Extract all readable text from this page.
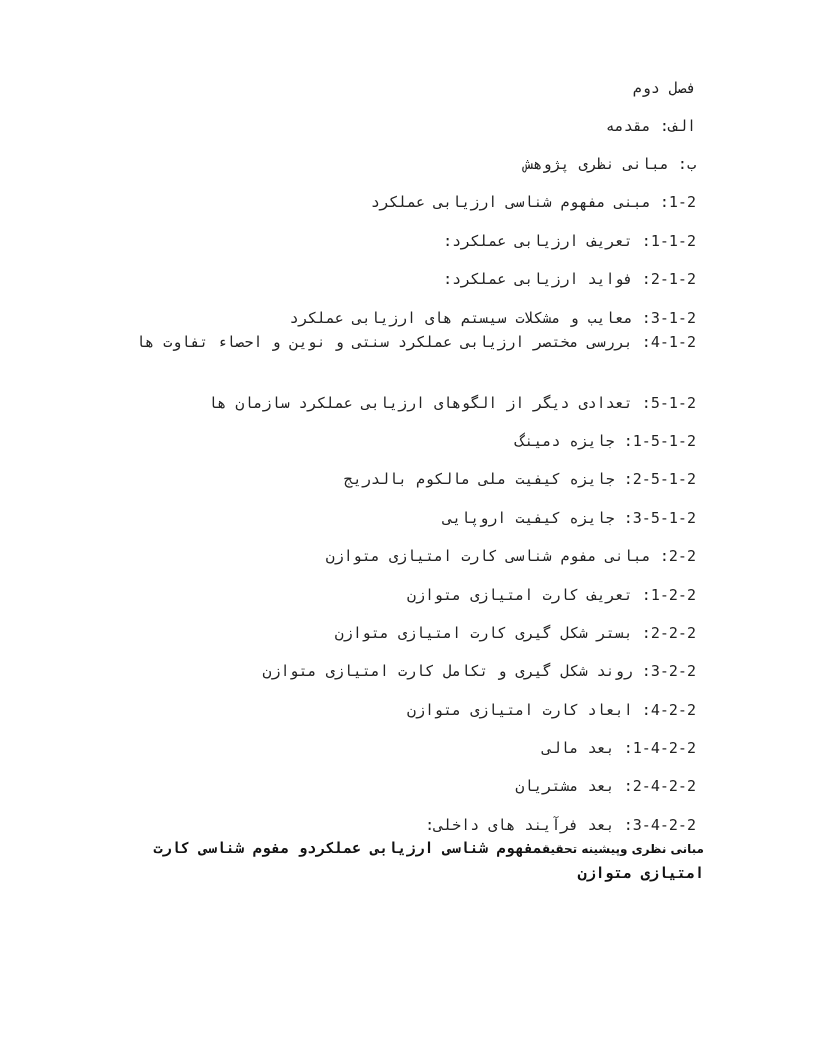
فصل دوم
الف: مقدمه
ب: مبانی نظری پژوهش
1-2: مبنی مفهوم شناسی ارزیابی عملکرد
1-1-2: تعریف ارزیابی عملکرد:
2-1-2: فواید ارزیابی عملکرد:
3-1-2: معایب و مشکلات سیستم های ارزیابی عملکرد
4-1-2: بررسی مختصر ارزیابی عملکرد سنتی و نوین و احصاء تفاوت ها
5-1-2: تعدادی دیگر از الگوهای ارزیابی عملکرد سازمان ها
1-5-1-2: جایزه دمینگ
2-5-1-2: جایزه کیفیت ملی مالکوم بالدریج
3-5-1-2: جایزه کیفیت اروپایی
2-2: مبانی مفوم شناسی کارت امتیازی متوازن
1-2-2: تعریف کارت امتیازی متوازن
2-2-2: بستر شکل گیری کارت امتیازی متوازن
3-2-2: روند شکل گیری و تکامل کارت امتیازی متوازن
4-2-2: ابعاد کارت امتیازی متوازن
1-4-2-2: بعد مالی
2-4-2-2: بعد مشتریان
3-4-2-2: بعد فرآیند های داخلی:
مبانی نظری وپیشینه تحقیقمفهوم شناسی ارزیابی عملکردو مفوم شناسی کارت امتیازی متوازن
